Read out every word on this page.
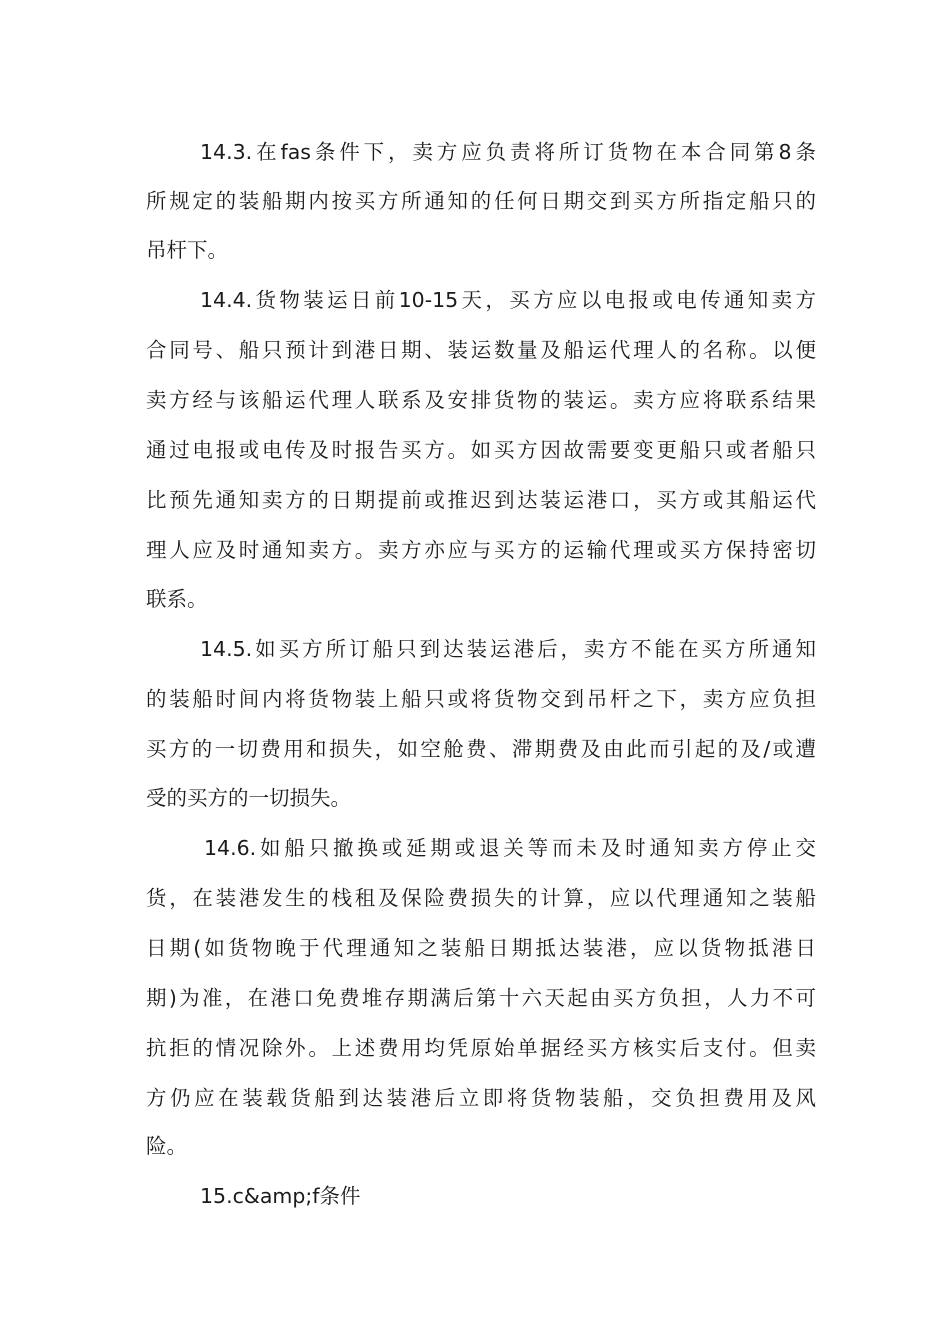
14.3.在fas条件下，卖方应负责将所订货物在本合同第8条
所规定的装船期内按买方所通知的任何日期交到买方所指定船只的
吊杆下。
14.4.货物装运日前10-15天，买方应以电报或电传通知卖方
合同号、船只预计到港日期、装运数量及船运代理人的名称。以便
卖方经与该船运代理人联系及安排货物的装运。卖方应将联系结果
通过电报或电传及时报告买方。如买方因故需要变更船只或者船只
比预先通知卖方的日期提前或推迟到达装运港口，买方或其船运代
理人应及时通知卖方。卖方亦应与买方的运输代理或买方保持密切
联系。
14.5.如买方所订船只到达装运港后，卖方不能在买方所通知
的装船时间内将货物装上船只或将货物交到吊杆之下，卖方应负担
买方的一切费用和损失，如空舱费、滞期费及由此而引起的及/或遭
受的买方的一切损失。
14.6.如船只撤换或延期或退关等而未及时通知卖方停止交
货，在装港发生的栈租及保险费损失的计算，应以代理通知之装船
日期(如货物晚于代理通知之装船日期抵达装港，应以货物抵港日
期)为准，在港口免费堆存期满后第十六天起由买方负担，人力不可
抗拒的情况除外。上述费用均凭原始单据经买方核实后支付。但卖
方仍应在装载货船到达装港后立即将货物装船，交负担费用及风
险。
15.c&amp;f条件
